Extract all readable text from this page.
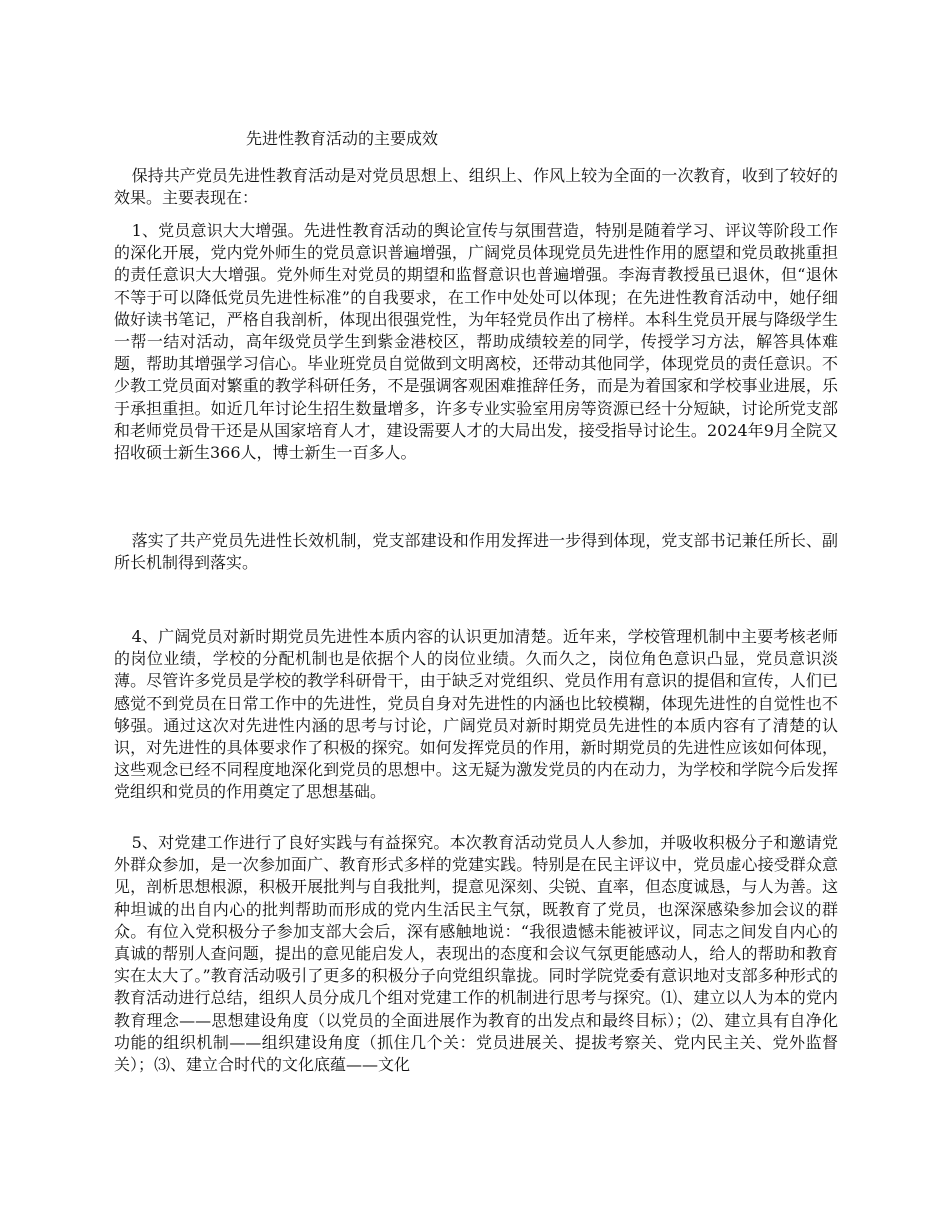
先进性教育活动的主要成效

保持共产党员先进性教育活动是对党员思想上、组织上、作风上较为全面的一次教育，收到了较好的效果。主要表现在：

1、党员意识大大增强。先进性教育活动的舆论宣传与氛围营造，特别是随着学习、评议等阶段工作的深化开展，党内党外师生的党员意识普遍增强，广阔党员体现党员先进性作用的愿望和党员敢挑重担的责任意识大大增强。党外师生对党员的期望和监督意识也普遍增强。李海青教授虽已退休，但“退休不等于可以降低党员先进性标准”的自我要求，在工作中处处可以体现；在先进性教育活动中，她仔细做好读书笔记，严格自我剖析，体现出很强党性，为年轻党员作出了榜样。本科生党员开展与降级学生一帮一结对活动，高年级党员学生到紫金港校区，帮助成绩较差的同学，传授学习方法，解答具体难题，帮助其增强学习信心。毕业班党员自觉做到文明离校，还带动其他同学，体现党员的责任意识。不少教工党员面对繁重的教学科研任务，不是强调客观困难推辞任务，而是为着国家和学校事业进展，乐于承担重担。如近几年讨论生招生数量增多，许多专业实验室用房等资源已经十分短缺，讨论所党支部和老师党员骨干还是从国家培育人才，建设需要人才的大局出发，接受指导讨论生。2024年9月全院又招收硕士新生366人，博士新生一百多人。

落实了共产党员先进性长效机制，党支部建设和作用发挥进一步得到体现，党支部书记兼任所长、副所长机制得到落实。

4、广阔党员对新时期党员先进性本质内容的认识更加清楚。近年来，学校管理机制中主要考核老师的岗位业绩，学校的分配机制也是依据个人的岗位业绩。久而久之，岗位角色意识凸显，党员意识淡薄。尽管许多党员是学校的教学科研骨干，由于缺乏对党组织、党员作用有意识的提倡和宣传，人们已感觉不到党员在日常工作中的先进性，党员自身对先进性的内涵也比较模糊，体现先进性的自觉性也不够强。通过这次对先进性内涵的思考与讨论，广阔党员对新时期党员先进性的本质内容有了清楚的认识，对先进性的具体要求作了积极的探究。如何发挥党员的作用，新时期党员的先进性应该如何体现，这些观念已经不同程度地深化到党员的思想中。这无疑为激发党员的内在动力，为学校和学院今后发挥党组织和党员的作用奠定了思想基础。

5、对党建工作进行了良好实践与有益探究。本次教育活动党员人人参加，并吸收积极分子和邀请党外群众参加，是一次参加面广、教育形式多样的党建实践。特别是在民主评议中，党员虚心接受群众意见，剖析思想根源，积极开展批判与自我批判，提意见深刻、尖锐、直率，但态度诚恳，与人为善。这种坦诚的出自内心的批判帮助而形成的党内生活民主气氛，既教育了党员，也深深感染参加会议的群众。有位入党积极分子参加支部大会后，深有感触地说：“我很遗憾未能被评议，同志之间发自内心的真诚的帮别人查问题，提出的意见能启发人，表现出的态度和会议气氛更能感动人，给人的帮助和教育实在太大了。”教育活动吸引了更多的积极分子向党组织靠拢。同时学院党委有意识地对支部多种形式的教育活动进行总结，组织人员分成几个组对党建工作的机制进行思考与探究。⑴、建立以人为本的党内教育理念——思想建设角度（以党员的全面进展作为教育的出发点和最终目标）；⑵、建立具有自净化功能的组织机制——组织建设角度（抓住几个关：党员进展关、提拔考察关、党内民主关、党外监督关）；⑶、建立合时代的文化底蕴——文化
